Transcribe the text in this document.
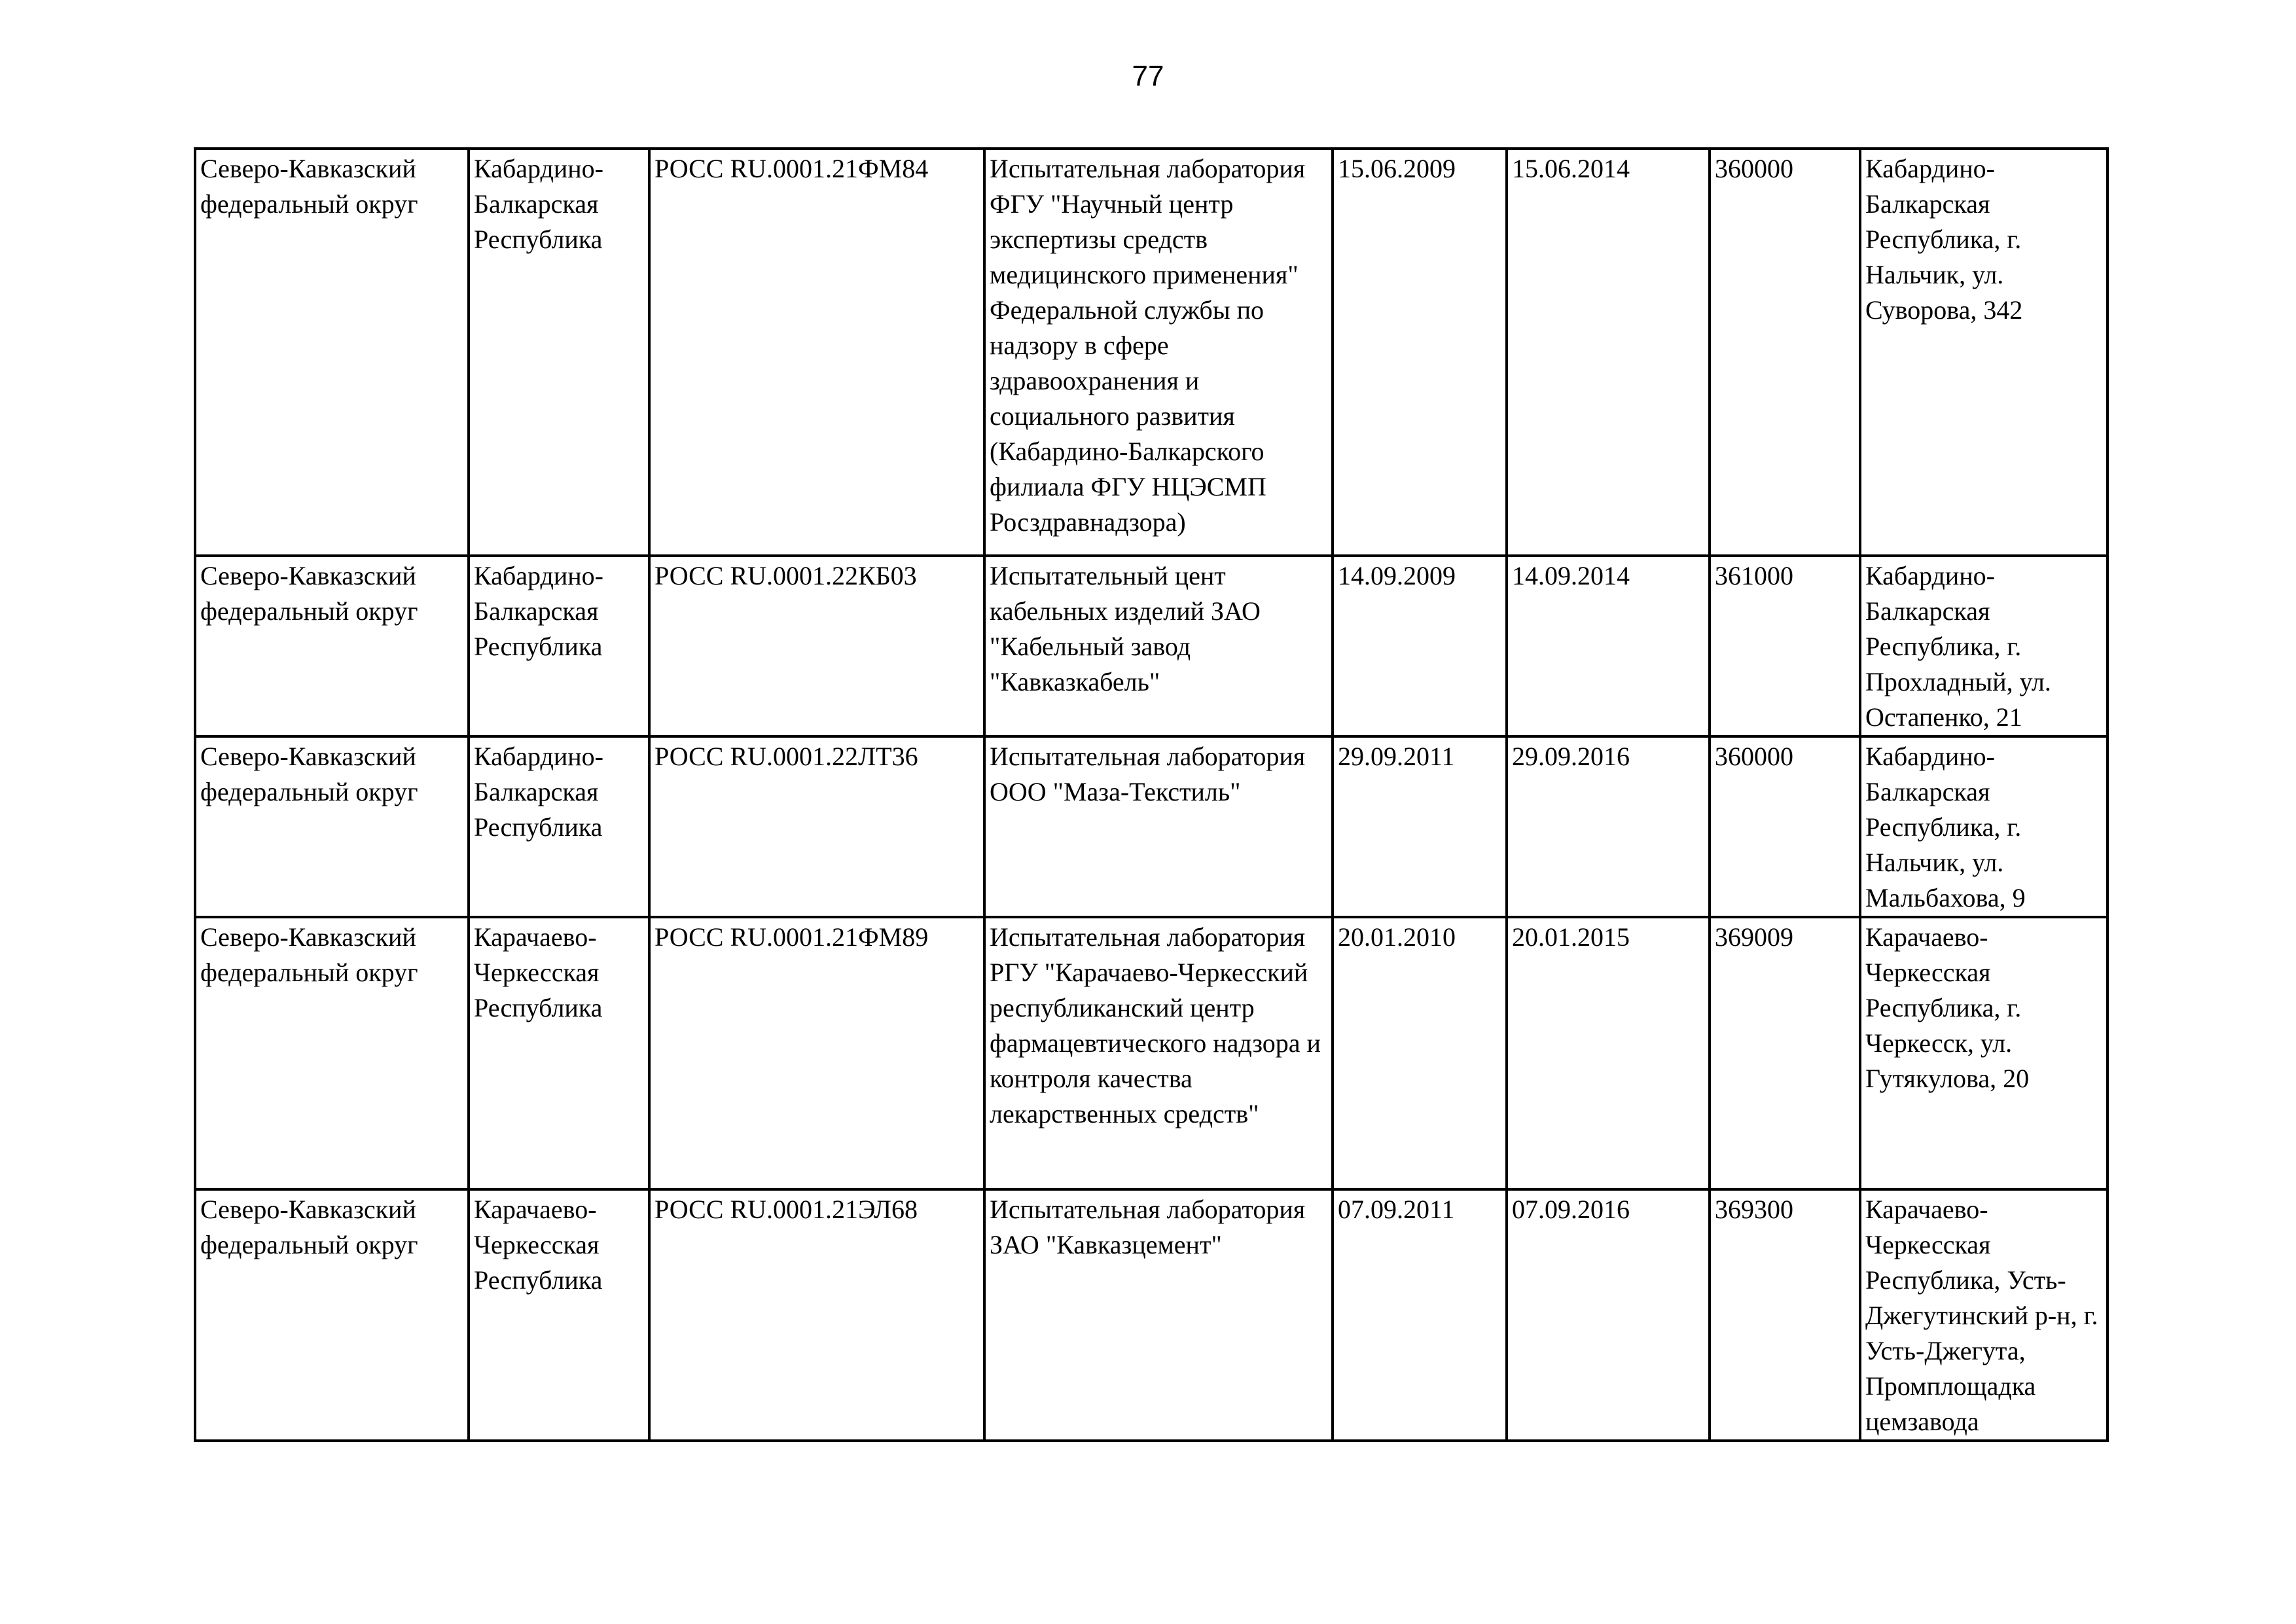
77
Северо-Кавказский федеральный округ	Кабардино-Балкарская Республика	РОСС RU.0001.21ФМ84	Испытательная лаборатория ФГУ "Научный центр экспертизы средств медицинского применения" Федеральной службы по надзору в сфере здравоохранения и социального развития (Кабардино-Балкарского филиала ФГУ НЦЭСМП Росздравнадзора)	15.06.2009	15.06.2014	360000	Кабардино-Балкарская Республика, г. Нальчик, ул. Суворова, 342
Северо-Кавказский федеральный округ	Кабардино-Балкарская Республика	РОСС RU.0001.22КБ03	Испытательный цент кабельных изделий ЗАО "Кабельный завод "Кавказкабель"	14.09.2009	14.09.2014	361000	Кабардино-Балкарская Республика, г. Прохладный, ул. Остапенко, 21
Северо-Кавказский федеральный округ	Кабардино-Балкарская Республика	РОСС RU.0001.22ЛТ36	Испытательная лаборатория ООО "Маза-Текстиль"	29.09.2011	29.09.2016	360000	Кабардино-Балкарская Республика, г. Нальчик, ул. Мальбахова, 9
Северо-Кавказский федеральный округ	Карачаево-Черкесская Республика	РОСС RU.0001.21ФМ89	Испытательная лаборатория РГУ "Карачаево-Черкесский республиканский центр фармацевтического надзора и контроля качества лекарственных средств"	20.01.2010	20.01.2015	369009	Карачаево-Черкесская Республика, г. Черкесск, ул. Гутякулова, 20
Северо-Кавказский федеральный округ	Карачаево-Черкесская Республика	РОСС RU.0001.21ЭЛ68	Испытательная лаборатория ЗАО "Кавказцемент"	07.09.2011	07.09.2016	369300	Карачаево-Черкесская Республика, Усть-Джегутинский р-н, г. Усть-Джегута, Промплощадка цемзавода
